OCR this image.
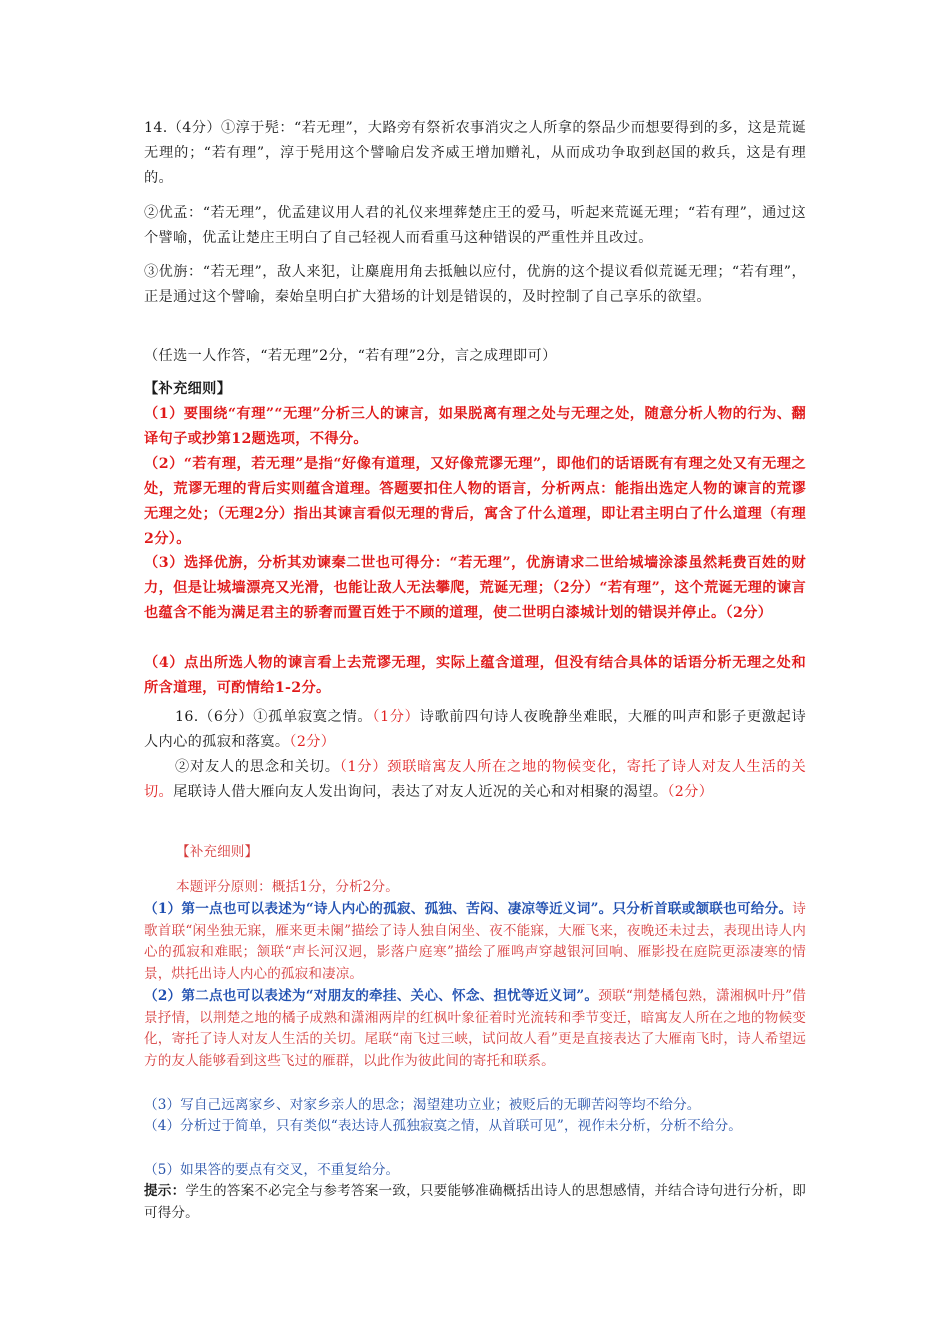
14.（4分）①淳于髡：“若无理”，大路旁有祭祈农事消灾之人所拿的祭品少而想要得到的多，这是荒诞无理的；“若有理”，淳于髡用这个譬喻启发齐威王增加赠礼，从而成功争取到赵国的救兵，这是有理的。

②优孟：“若无理”，优孟建议用人君的礼仪来埋葬楚庄王的爱马，听起来荒诞无理；“若有理”，通过这个譬喻，优孟让楚庄王明白了自己轻视人而看重马这种错误的严重性并且改过。

③优旃：“若无理”，敌人来犯，让麋鹿用角去抵触以应付，优旃的这个提议看似荒诞无理；“若有理”，正是通过这个譬喻，秦始皇明白扩大猎场的计划是错误的，及时控制了自己享乐的欲望。

（任选一人作答，“若无理”2分，“若有理”2分，言之成理即可）

【补充细则】

（1）要围绕“有理”“无理”分析三人的谏言，如果脱离有理之处与无理之处，随意分析人物的行为、翻译句子或抄第12题选项，不得分。

（2）“若有理，若无理”是指“好像有道理，又好像荒谬无理”，即他们的话语既有有理之处又有无理之处，荒谬无理的背后实则蕴含道理。答题要扣住人物的语言，分析两点：能指出选定人物的谏言的荒谬无理之处；（无理2分）指出其谏言看似无理的背后，寓含了什么道理，即让君主明白了什么道理（有理2分）。

（3）选择优旃，分析其劝谏秦二世也可得分：“若无理”，优旃请求二世给城墙涂漆虽然耗费百姓的财力，但是让城墙漂亮又光滑，也能让敌人无法攀爬，荒诞无理；（2分）“若有理”，这个荒诞无理的谏言也蕴含不能为满足君主的骄奢而置百姓于不顾的道理，使二世明白漆城计划的错误并停止。（2分）

（4）点出所选人物的谏言看上去荒谬无理，实际上蕴含道理，但没有结合具体的话语分析无理之处和所含道理，可酌情给1-2分。

16.（6分）①孤单寂寞之情。（1分）诗歌前四句诗人夜晚静坐难眠，大雁的叫声和影子更激起诗人内心的孤寂和落寞。（2分）

②对友人的思念和关切。（1分）颈联暗寓友人所在之地的物候变化，寄托了诗人对友人生活的关切。尾联诗人借大雁向友人发出询问，表达了对友人近况的关心和对相聚的渴望。（2分）

【补充细则】

本题评分原则：概括1分，分析2分。

（1）第一点也可以表述为“诗人内心的孤寂、孤独、苦闷、凄凉等近义词”。只分析首联或颔联也可给分。诗歌首联“闲坐独无寐，雁来更未阑”描绘了诗人独自闲坐、夜不能寐，大雁飞来，夜晚还未过去，表现出诗人内心的孤寂和难眠；颔联“声长河汉迥，影落户庭寒”描绘了雁鸣声穿越银河回响、雁影投在庭院更添凄寒的情景，烘托出诗人内心的孤寂和凄凉。

（2）第二点也可以表述为“对朋友的牵挂、关心、怀念、担忧等近义词”。颈联“荆楚橘包熟，潇湘枫叶丹”借景抒情，以荆楚之地的橘子成熟和潇湘两岸的红枫叶象征着时光流转和季节变迁，暗寓友人所在之地的物候变化，寄托了诗人对友人生活的关切。尾联“南飞过三峡，试问故人看”更是直接表达了大雁南飞时，诗人希望远方的友人能够看到这些飞过的雁群，以此作为彼此间的寄托和联系。

（3）写自己远离家乡、对家乡亲人的思念；渴望建功立业；被贬后的无聊苦闷等均不给分。

（4）分析过于简单，只有类似“表达诗人孤独寂寞之情，从首联可见”，视作未分析，分析不给分。

（5）如果答的要点有交叉，不重复给分。

提示：学生的答案不必完全与参考答案一致，只要能够准确概括出诗人的思想感情，并结合诗句进行分析，即可得分。
